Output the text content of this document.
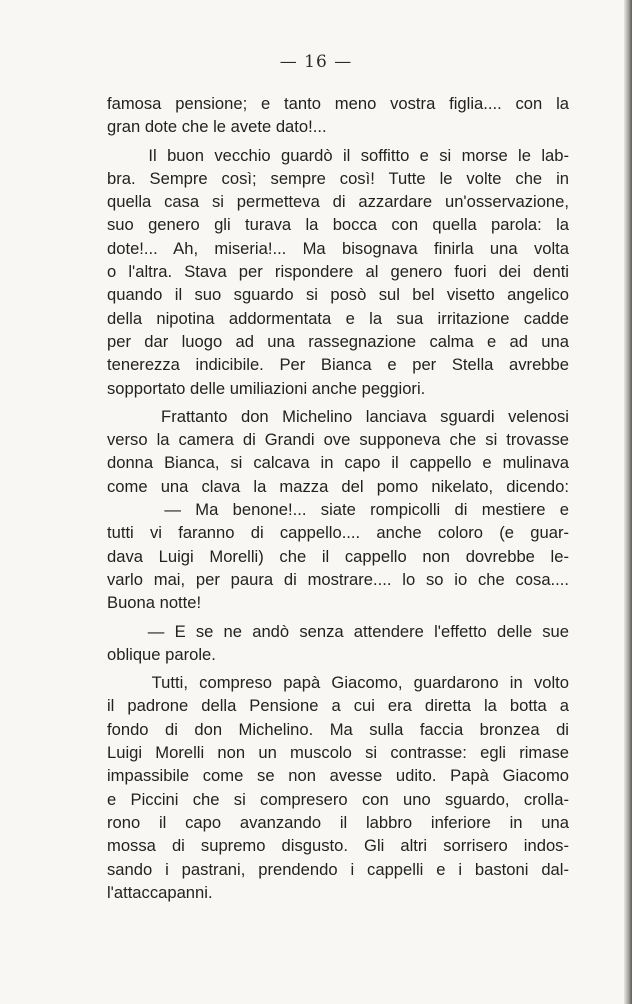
— 16 —
famosa pensione; e tanto meno vostra figlia.... con la
gran dote che le avete dato!...
Il buon vecchio guardò il soffitto e si morse le lab-
bra. Sempre così; sempre così! Tutte le volte che in
quella casa si permetteva di azzardare un'osservazione,
suo genero gli turava la bocca con quella parola: la
dote!... Ah, miseria!... Ma bisognava finirla una volta
o l'altra. Stava per rispondere al genero fuori dei denti
quando il suo sguardo si posò sul bel visetto angelico
della nipotina addormentata e la sua irritazione cadde
per dar luogo ad una rassegnazione calma e ad una
tenerezza indicibile. Per Bianca e per Stella avrebbe
sopportato delle umiliazioni anche peggiori.
Frattanto don Michelino lanciava sguardi velenosi
verso la camera di Grandi ove supponeva che si trovasse
donna Bianca, si calcava in capo il cappello e mulinava
come una clava la mazza del pomo nikelato, dicendo:
— Ma benone!... siate rompicolli di mestiere e
tutti vi faranno di cappello.... anche coloro (e guar-
dava Luigi Morelli) che il cappello non dovrebbe le-
varlo mai, per paura di mostrare.... lo so io che cosa....
Buona notte!
— E se ne andò senza attendere l'effetto delle sue
oblique parole.
Tutti, compreso papà Giacomo, guardarono in volto
il padrone della Pensione a cui era diretta la botta a
fondo di don Michelino. Ma sulla faccia bronzea di
Luigi Morelli non un muscolo si contrasse: egli rimase
impassibile come se non avesse udito. Papà Giacomo
e Piccini che si compresero con uno sguardo, crolla-
rono il capo avanzando il labbro inferiore in una
mossa di supremo disgusto. Gli altri sorrisero indos-
sando i pastrani, prendendo i cappelli e i bastoni dal-
l'attaccapanni.
